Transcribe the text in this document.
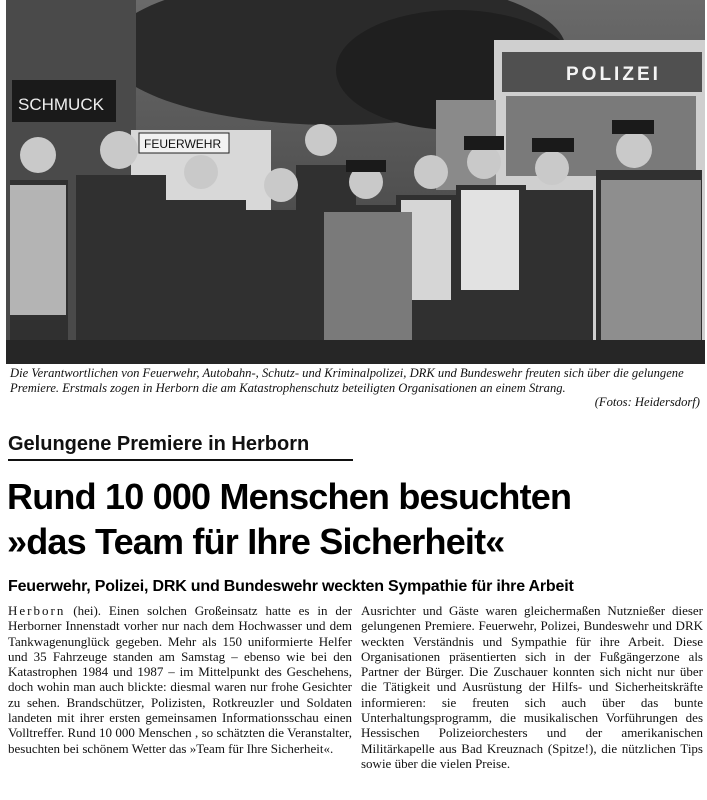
SCHMUCK
FEUERWEHR
POLIZEI

Die Verantwortlichen von Feuerwehr, Autobahn-, Schutz- und Kriminalpolizei, DRK und Bundeswehr freuten sich über die gelungene Premiere. Erstmals zogen in Herborn die am Katastrophenschutz beteiligten Organisationen an einem Strang.
(Fotos: Heidersdorf)

Gelungene Premiere in Herborn
Rund 10 000 Menschen besuchten
»das Team für Ihre Sicherheit«
Feuerwehr, Polizei, DRK und Bundeswehr weckten Sympathie für ihre Arbeit

Herborn (hei). Einen solchen Großeinsatz hatte es in der Herborner Innenstadt vorher nur nach dem Hochwasser und dem Tankwagenunglück gegeben. Mehr als 150 uniformierte Helfer und 35 Fahrzeuge standen am Samstag – ebenso wie bei den Katastrophen 1984 und 1987 – im Mittelpunkt des Geschehens, doch wohin man auch blickte: diesmal waren nur frohe Gesichter zu sehen. Brandschützer, Polizisten, Rotkreuzler und Soldaten landeten mit ihrer ersten gemeinsamen Informationsschau einen Volltreffer. Rund 10 000 Menschen , so schätzten die Veranstalter, besuchten bei schönem Wetter das »Team für Ihre Sicherheit«.

Ausrichter und Gäste waren gleichermaßen Nutznießer dieser gelungenen Premiere. Feuerwehr, Polizei, Bundeswehr und DRK weckten Verständnis und Sympathie für ihre Arbeit. Diese Organisationen präsentierten sich in der Fußgängerzone als Partner der Bürger. Die Zuschauer konnten sich nicht nur über die Tätigkeit und Ausrüstung der Hilfs- und Sicherheitskräfte informieren: sie freuten sich auch über das bunte Unterhaltungsprogramm, die musikalischen Vorführungen des Hessischen Polizeiorchesters und der amerikanischen Militärkapelle aus Bad Kreuznach (Spitze!), die nützlichen Tips sowie über die vielen Preise.
